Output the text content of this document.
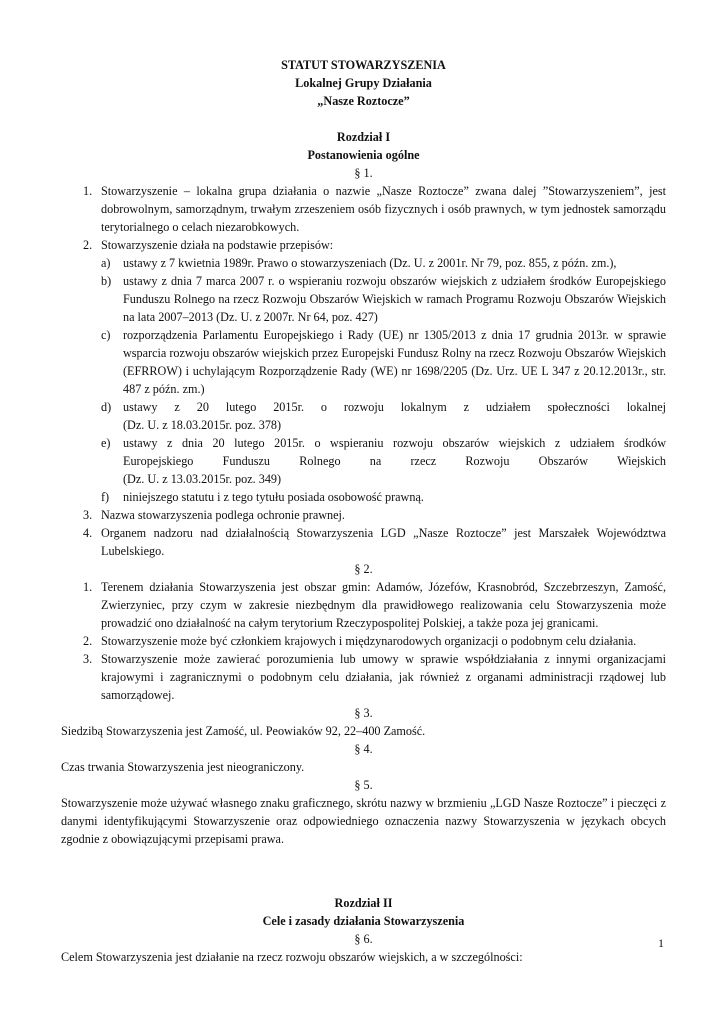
STATUT STOWARZYSZENIA
Lokalnej Grupy Działania
„Nasze Roztocze”
Rozdział I
Postanowienia ogólne
§ 1.
1. Stowarzyszenie – lokalna grupa działania o nazwie „Nasze Roztocze” zwana dalej ”Stowarzyszeniem”, jest dobrowolnym, samorządnym, trwałym zrzeszeniem osób fizycznych i osób prawnych, w tym jednostek samorządu terytorialnego o celach niezarobkowych.
2. Stowarzyszenie działa na podstawie przepisów:
a) ustawy z 7 kwietnia 1989r. Prawo o stowarzyszeniach (Dz. U. z 2001r. Nr 79, poz. 855, z późn. zm.),
b) ustawy z dnia 7 marca 2007 r. o wspieraniu rozwoju obszarów wiejskich z udziałem środków Europejskiego Funduszu Rolnego na rzecz Rozwoju Obszarów Wiejskich w ramach Programu Rozwoju Obszarów Wiejskich na lata 2007–2013 (Dz. U. z 2007r. Nr 64, poz. 427)
c) rozporządzenia Parlamentu Europejskiego i Rady (UE) nr 1305/2013 z dnia 17 grudnia 2013r. w sprawie wsparcia rozwoju obszarów wiejskich przez Europejski Fundusz Rolny na rzecz Rozwoju Obszarów Wiejskich (EFRROW) i uchylającym Rozporządzenie Rady (WE) nr 1698/2205 (Dz. Urz. UE L 347 z 20.12.2013r., str. 487 z późn. zm.)
d) ustawy z 20 lutego 2015r. o rozwoju lokalnym z udziałem społeczności lokalnej
(Dz. U. z 18.03.2015r. poz. 378)
e) ustawy z dnia 20 lutego 2015r. o wspieraniu rozwoju obszarów wiejskich z udziałem środków
Europejskiego Funduszu Rolnego na rzecz Rozwoju Obszarów Wiejskich
(Dz. U. z 13.03.2015r. poz. 349)
f) niniejszego statutu i z tego tytułu posiada osobowość prawną.
3. Nazwa stowarzyszenia podlega ochronie prawnej.
4. Organem nadzoru nad działalnością Stowarzyszenia LGD „Nasze Roztocze” jest Marszałek Województwa Lubelskiego.
§ 2.
1. Terenem działania Stowarzyszenia jest obszar gmin: Adamów, Józefów, Krasnobród, Szczebrzeszyn, Zamość, Zwierzyniec, przy czym w zakresie niezbędnym dla prawidłowego realizowania celu Stowarzyszenia może prowadzić ono działalność na całym terytorium Rzeczypospolitej Polskiej, a także poza jej granicami.
2. Stowarzyszenie może być członkiem krajowych i międzynarodowych organizacji o podobnym celu działania.
3. Stowarzyszenie może zawierać porozumienia lub umowy w sprawie współdziałania z innymi organizacjami krajowymi i zagranicznymi o podobnym celu działania, jak również z organami administracji rządowej lub samorządowej.
§ 3.
Siedzibą Stowarzyszenia jest Zamość, ul. Peowiaków 92, 22–400 Zamość.
§ 4.
Czas trwania Stowarzyszenia jest nieograniczony.
§ 5.
Stowarzyszenie może używać własnego znaku graficznego, skrótu nazwy w brzmieniu „LGD Nasze Roztocze” i pieczęci z danymi identyfikującymi Stowarzyszenie oraz odpowiedniego oznaczenia nazwy Stowarzyszenia w językach obcych zgodnie z obowiązującymi przepisami prawa.
Rozdział II
Cele i zasady działania Stowarzyszenia
§ 6.
Celem Stowarzyszenia jest działanie na rzecz rozwoju obszarów wiejskich, a w szczególności:
1
